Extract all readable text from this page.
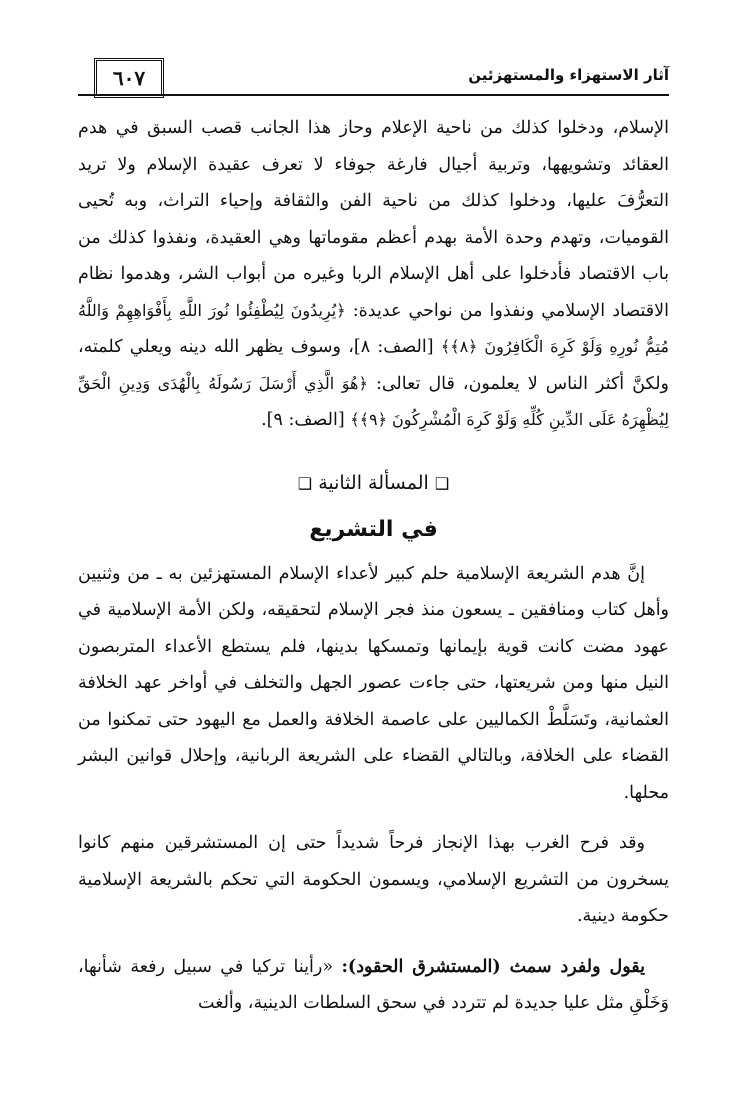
آثار الاستهزاء والمستهزئين
٦٠٧

الإسلام، ودخلوا كذلك من ناحية الإعلام وحاز هذا الجانب قصب السبق في هدم العقائد وتشويهها، وتربية أجيال فارغة جوفاء لا تعرف عقيدة الإسلام ولا تريد التعرُّفَ عليها، ودخلوا كذلك من ناحية الفن والثقافة وإحياء التراث، وبه تُحيى القوميات، وتهدم وحدة الأمة بهدم أعظم مقوماتها وهي العقيدة، ونفذوا كذلك من باب الاقتصاد فأدخلوا على أهل الإسلام الربا وغيره من أبواب الشر، وهدموا نظام الاقتصاد الإسلامي ونفذوا من نواحي عديدة: ﴿يُرِيدُونَ لِيُطْفِئُوا نُورَ اللَّهِ بِأَفْوَاهِهِمْ وَاللَّهُ مُتِمُّ نُورِهِ وَلَوْ كَرِهَ الْكَافِرُونَ ﴿٨﴾﴾ [الصف: ٨]، وسوف يظهر الله دينه ويعلي كلمته، ولكنَّ أكثر الناس لا يعلمون، قال تعالى: ﴿هُوَ الَّذِي أَرْسَلَ رَسُولَهُ بِالْهُدَى وَدِينِ الْحَقِّ لِيُظْهِرَهُ عَلَى الدِّينِ كُلِّهِ وَلَوْ كَرِهَ الْمُشْرِكُونَ ﴿٩﴾﴾ [الصف: ٩].

❑ المسألة الثانية ❑
في التشريع

إنَّ هدم الشريعة الإسلامية حلم كبير لأعداء الإسلام المستهزئين به ـ من وثنيين وأهل كتاب ومنافقين ـ يسعون منذ فجر الإسلام لتحقيقه، ولكن الأمة الإسلامية في عهود مضت كانت قوية بإيمانها وتمسكها بدينها، فلم يستطع الأعداء المتربصون النيل منها ومن شريعتها، حتى جاءت عصور الجهل والتخلف في أواخر عهد الخلافة العثمانية، وتَسَلَّطْ الكماليين على عاصمة الخلافة والعمل مع اليهود حتى تمكنوا من القضاء على الخلافة، وبالتالي القضاء على الشريعة الربانية، وإحلال قوانين البشر محلها.

وقد فرح الغرب بهذا الإنجاز فرحاً شديداً حتى إن المستشرقين منهم كانوا يسخرون من التشريع الإسلامي، ويسمون الحكومة التي تحكم بالشريعة الإسلامية حكومة دينية.

يقول ولفرد سمث (المستشرق الحقود): «رأينا تركيا في سبيل رفعة شأنها، وَخَلْقِ مثل عليا جديدة لم تتردد في سحق السلطات الدينية، وألغت
